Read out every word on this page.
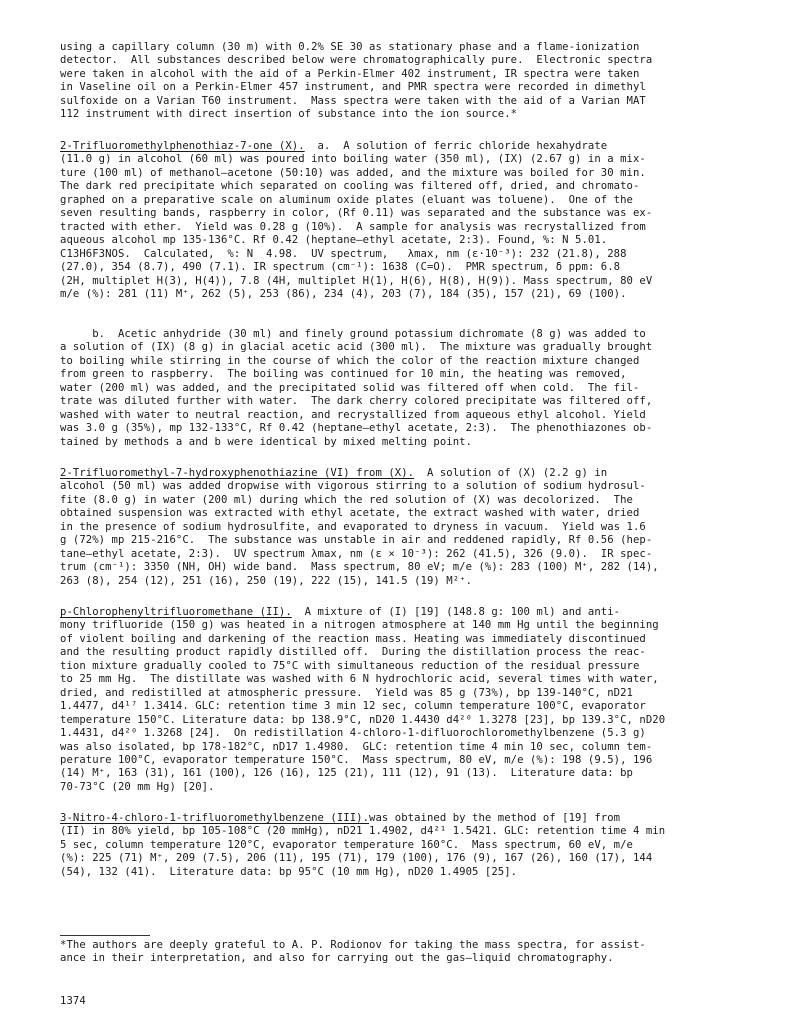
using a capillary column (30 m) with 0.2% SE 30 as stationary phase and a flame-ionization
detector.  All substances described below were chromatographically pure.  Electronic spectra
were taken in alcohol with the aid of a Perkin-Elmer 402 instrument, IR spectra were taken
in Vaseline oil on a Perkin-Elmer 457 instrument, and PMR spectra were recorded in dimethyl
sulfoxide on a Varian T60 instrument.  Mass spectra were taken with the aid of a Varian MAT
112 instrument with direct insertion of substance into the ion source.*
2-Trifluoromethylphenothiaz-7-one (X).  a.  A solution of ferric chloride hexahydrate
(11.0 g) in alcohol (60 ml) was poured into boiling water (350 ml), (IX) (2.67 g) in a mix-
ture (100 ml) of methanol—acetone (50:10) was added, and the mixture was boiled for 30 min.
The dark red precipitate which separated on cooling was filtered off, dried, and chromato-
graphed on a preparative scale on aluminum oxide plates (eluant was toluene).  One of the
seven resulting bands, raspberry in color, (Rf 0.11) was separated and the substance was ex-
tracted with ether.  Yield was 0.28 g (10%).  A sample for analysis was recrystallized from
aqueous alcohol mp 135-136°C. Rf 0.42 (heptane—ethyl acetate, 2:3). Found, %: N 5.01.
C13H6F3NOS.  Calculated,  %: N  4.98.  UV spectrum,   λmax, nm (ε·10⁻³): 232 (21.8), 288
(27.0), 354 (8.7), 490 (7.1). IR spectrum (cm⁻¹): 1638 (C=O).  PMR spectrum, δ ppm: 6.8
(2H, multiplet H(3), H(4)), 7.8 (4H, multiplet H(1), H(6), H(8), H(9)). Mass spectrum, 80 eV
m/e (%): 281 (11) M⁺, 262 (5), 253 (86), 234 (4), 203 (7), 184 (35), 157 (21), 69 (100).
b.  Acetic anhydride (30 ml) and finely ground potassium dichromate (8 g) was added to
a solution of (IX) (8 g) in glacial acetic acid (300 ml).  The mixture was gradually brought
to boiling while stirring in the course of which the color of the reaction mixture changed
from green to raspberry.  The boiling was continued for 10 min, the heating was removed,
water (200 ml) was added, and the precipitated solid was filtered off when cold.  The fil-
trate was diluted further with water.  The dark cherry colored precipitate was filtered off,
washed with water to neutral reaction, and recrystallized from aqueous ethyl alcohol. Yield
was 3.0 g (35%), mp 132-133°C, Rf 0.42 (heptane—ethyl acetate, 2:3).  The phenothiazones ob-
tained by methods a and b were identical by mixed melting point.
2-Trifluoromethyl-7-hydroxyphenothiazine (VI) from (X).  A solution of (X) (2.2 g) in
alcohol (50 ml) was added dropwise with vigorous stirring to a solution of sodium hydrosul-
fite (8.0 g) in water (200 ml) during which the red solution of (X) was decolorized.  The
obtained suspension was extracted with ethyl acetate, the extract washed with water, dried
in the presence of sodium hydrosulfite, and evaporated to dryness in vacuum.  Yield was 1.6
g (72%) mp 215-216°C.  The substance was unstable in air and reddened rapidly, Rf 0.56 (hep-
tane—ethyl acetate, 2:3).  UV spectrum λmax, nm (ε × 10⁻³): 262 (41.5), 326 (9.0).  IR spec-
trum (cm⁻¹): 3350 (NH, OH) wide band.  Mass spectrum, 80 eV; m/e (%): 283 (100) M⁺, 282 (14),
263 (8), 254 (12), 251 (16), 250 (19), 222 (15), 141.5 (19) M²⁺.
p-Chlorophenyltrifluoromethane (II).  A mixture of (I) [19] (148.8 g: 100 ml) and anti-
mony trifluoride (150 g) was heated in a nitrogen atmosphere at 140 mm Hg until the beginning
of violent boiling and darkening of the reaction mass. Heating was immediately discontinued
and the resulting product rapidly distilled off.  During the distillation process the reac-
tion mixture gradually cooled to 75°C with simultaneous reduction of the residual pressure
to 25 mm Hg.  The distillate was washed with 6 N hydrochloric acid, several times with water,
dried, and redistilled at atmospheric pressure.  Yield was 85 g (73%), bp 139-140°C, nD21
1.4477, d4¹⁷ 1.3414. GLC: retention time 3 min 12 sec, column temperature 100°C, evaporator
temperature 150°C. Literature data: bp 138.9°C, nD20 1.4430 d4²⁰ 1.3278 [23], bp 139.3°C, nD20
1.4431, d4²⁰ 1.3268 [24].  On redistillation 4-chloro-1-difluorochloromethylbenzene (5.3 g)
was also isolated, bp 178-182°C, nD17 1.4980.  GLC: retention time 4 min 10 sec, column tem-
perature 100°C, evaporator temperature 150°C.  Mass spectrum, 80 eV, m/e (%): 198 (9.5), 196
(14) M⁺, 163 (31), 161 (100), 126 (16), 125 (21), 111 (12), 91 (13).  Literature data: bp
70-73°C (20 mm Hg) [20].
3-Nitro-4-chloro-1-trifluoromethylbenzene (III).was obtained by the method of [19] from
(II) in 80% yield, bp 105-108°C (20 mmHg), nD21 1.4902, d4²¹ 1.5421. GLC: retention time 4 min
5 sec, column temperature 120°C, evaporator temperature 160°C.  Mass spectrum, 60 eV, m/e
(%): 225 (71) M⁺, 209 (7.5), 206 (11), 195 (71), 179 (100), 176 (9), 167 (26), 160 (17), 144
(54), 132 (41).  Literature data: bp 95°C (10 mm Hg), nD20 1.4905 [25].
*The authors are deeply grateful to A. P. Rodionov for taking the mass spectra, for assist-
ance in their interpretation, and also for carrying out the gas—liquid chromatography.
1374
